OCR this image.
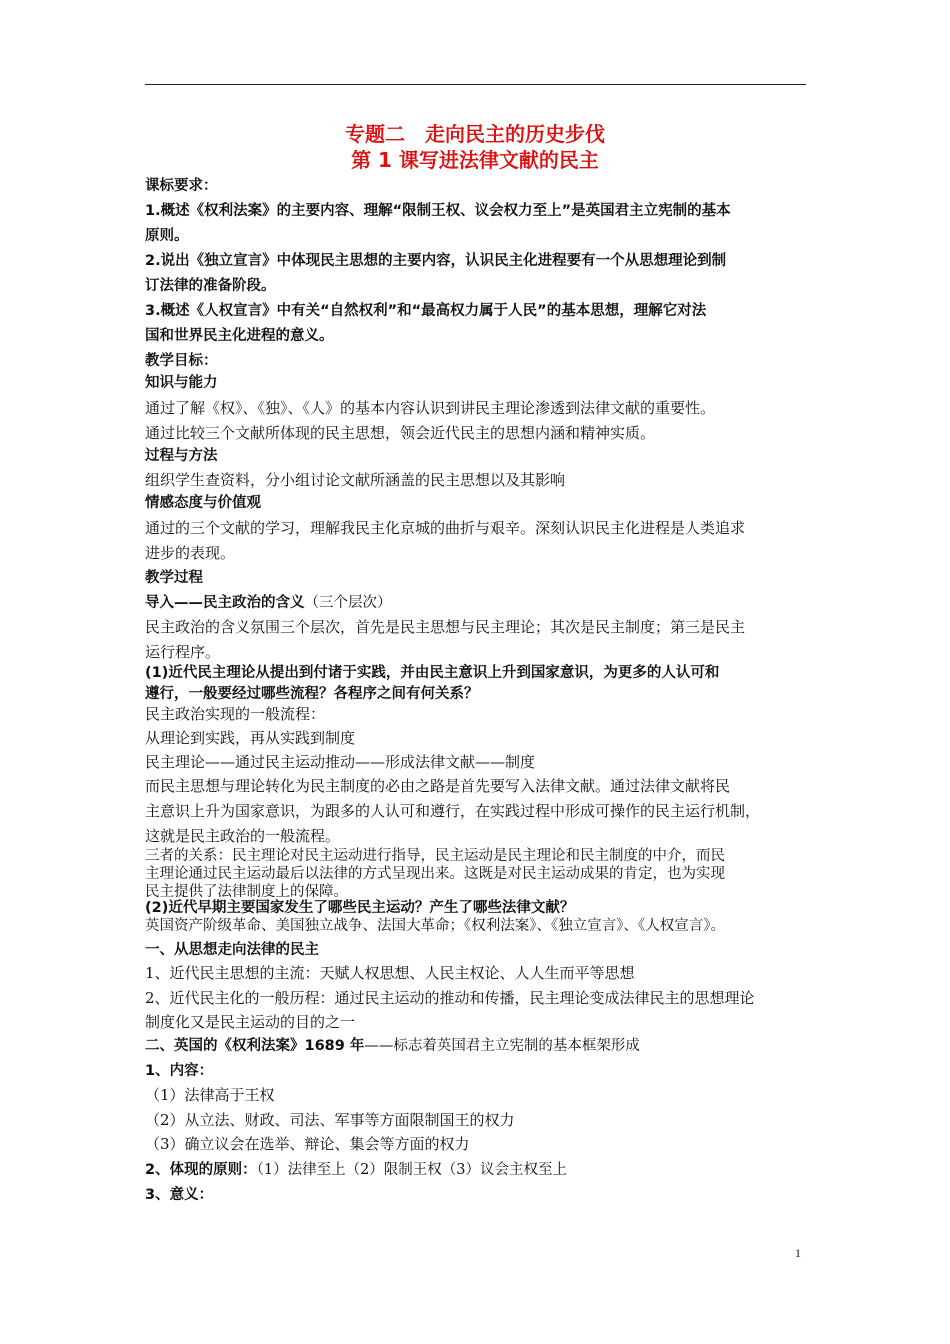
专题二　走向民主的历史步伐
第 1 课写进法律文献的民主
课标要求：
1.概述《权利法案》的主要内容、理解“限制王权、议会权力至上”是英国君主立宪制的基本
原则。
2.说出《独立宣言》中体现民主思想的主要内容，认识民主化进程要有一个从思想理论到制
订法律的准备阶段。
3.概述《人权宣言》中有关“自然权利”和“最高权力属于人民”的基本思想，理解它对法
国和世界民主化进程的意义。
教学目标：
知识与能力
通过了解《权》、《独》、《人》的基本内容认识到讲民主理论渗透到法律文献的重要性。
通过比较三个文献所体现的民主思想，领会近代民主的思想内涵和精神实质。
过程与方法
组织学生查资料，分小组讨论文献所涵盖的民主思想以及其影响
情感态度与价值观
通过的三个文献的学习，理解我民主化京城的曲折与艰辛。深刻认识民主化进程是人类追求
进步的表现。
教学过程
导入——民主政治的含义（三个层次）
民主政治的含义氛围三个层次，首先是民主思想与民主理论；其次是民主制度；第三是民主
运行程序。
(1)近代民主理论从提出到付诸于实践，并由民主意识上升到国家意识，为更多的人认可和
遵行，一般要经过哪些流程？各程序之间有何关系？
民主政治实现的一般流程：
从理论到实践，再从实践到制度
民主理论——通过民主运动推动——形成法律文献——制度
而民主思想与理论转化为民主制度的必由之路是首先要写入法律文献。通过法律文献将民
主意识上升为国家意识，为跟多的人认可和遵行，在实践过程中形成可操作的民主运行机制，
这就是民主政治的一般流程。
三者的关系：民主理论对民主运动进行指导，民主运动是民主理论和民主制度的中介，而民
主理论通过民主运动最后以法律的方式呈现出来。这既是对民主运动成果的肯定，也为实现
民主提供了法律制度上的保障。
(2)近代早期主要国家发生了哪些民主运动？产生了哪些法律文献？
英国资产阶级革命、美国独立战争、法国大革命；《权利法案》、《独立宣言》、《人权宣言》。
一、从思想走向法律的民主
1、近代民主思想的主流：天赋人权思想、人民主权论、人人生而平等思想
2、近代民主化的一般历程：通过民主运动的推动和传播，民主理论变成法律民主的思想理论
制度化又是民主运动的目的之一
二、英国的《权利法案》1689 年——标志着英国君主立宪制的基本框架形成
1、内容：
（1）法律高于王权
（2）从立法、财政、司法、军事等方面限制国王的权力
（3）确立议会在选举、辩论、集会等方面的权力
2、体现的原则：（1）法律至上（2）限制王权（3）议会主权至上
3、意义：
1
